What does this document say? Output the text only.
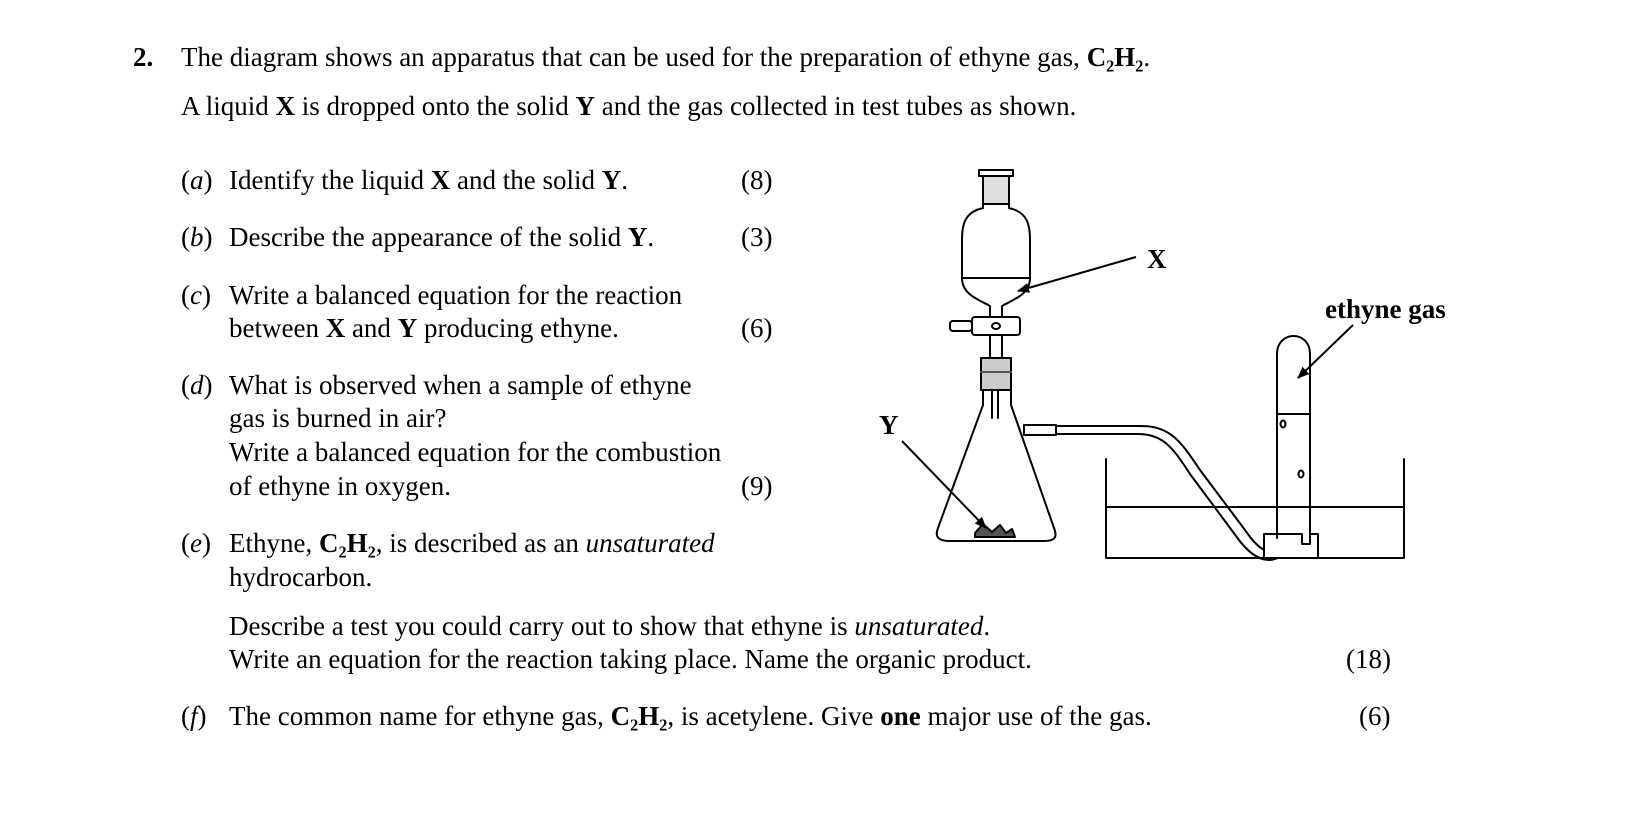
2. The diagram shows an apparatus that can be used for the preparation of ethyne gas, C₂H₂.
A liquid X is dropped onto the solid Y and the gas collected in test tubes as shown.
(a) Identify the liquid X and the solid Y.	(8)
(b) Describe the appearance of the solid Y.	(3)
(c) Write a balanced equation for the reaction
between X and Y producing ethyne.	(6)
(d) What is observed when a sample of ethyne
gas is burned in air?
Write a balanced equation for the combustion
of ethyne in oxygen.	(9)
(e) Ethyne, C₂H₂, is described as an unsaturated
hydrocarbon.
Describe a test you could carry out to show that ethyne is unsaturated.
Write an equation for the reaction taking place. Name the organic product.	(18)
(f) The common name for ethyne gas, C₂H₂, is acetylene. Give one major use of the gas.	(6)
X
Y
ethyne gas
